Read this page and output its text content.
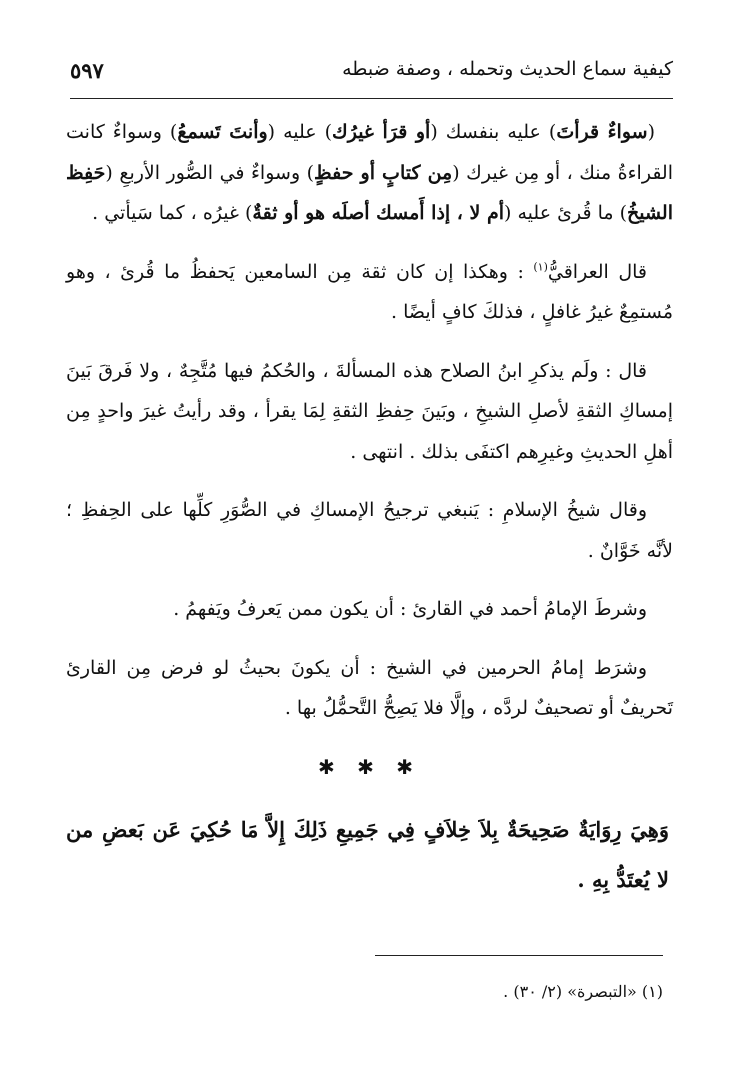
كيفية سماع الحديث وتحمله ، وصفة ضبطه
٥٩٧

(سواءٌ قرأتَ) عليه بنفسك (أو قرَأ غيرُك) عليه (وأنتَ تَسمعُ) وسواءٌ كانت القراءةُ منك ، أو مِن غيرك (مِن كتابٍ أو حفظٍ) وسواءٌ في الصُّور الأربعِ (حَفِظ الشيخُ) ما قُرئ عليه (أم لا ، إذا أَمسك أصلَه هو أو ثقةٌ) غيرُه ، كما سَيأتي .

قال العراقيُّ$^{(١)}$ : وهكذا إن كان ثقة مِن السامعين يَحفظُ ما قُرئ ، وهو مُستمِعٌ غيرُ غافلٍ ، فذلكَ كافٍ أيضًا .

قال : ولَم يذكرِ ابنُ الصلاح هذه المسألةَ ، والحُكمُ فيها مُتَّجِهٌ ، ولا فَرقَ بَينَ إمساكِ الثقةِ لأصلِ الشيخِ ، وبَينَ حِفظِ الثقةِ لِمَا يقرأ ، وقد رأيتُ غيرَ واحدٍ مِن أهلِ الحديثِ وغيرِهم اكتفَى بذلك . انتهى .

وقال شيخُ الإسلامِ : يَنبغي ترجيحُ الإمساكِ في الصُّوَرِ كلِّها على الحِفظِ ؛ لأنَّه خَوَّانٌ .

وشرطَ الإمامُ أحمد في القارئ : أن يكون ممن يَعرفُ ويَفهمُ .

وشرَط إمامُ الحرمين في الشيخ : أن يكونَ بحيثُ لو فرض مِن القارئ تَحريفٌ أو تصحيفٌ لردَّه ، وإلَّا فلا يَصِحُّ التَّحمُّلُ بها .

✱ ✱ ✱

وَهِيَ رِوَايَةٌ صَحِيحَةٌ بِلاَ خِلاَفٍ فِي جَمِيعِ ذَلِكَ إِلاَّ مَا حُكِيَ عَن بَعضِ من لا يُعتَدُّ بِهِ .

(١) «التبصرة» (٢/ ٣٠) .
